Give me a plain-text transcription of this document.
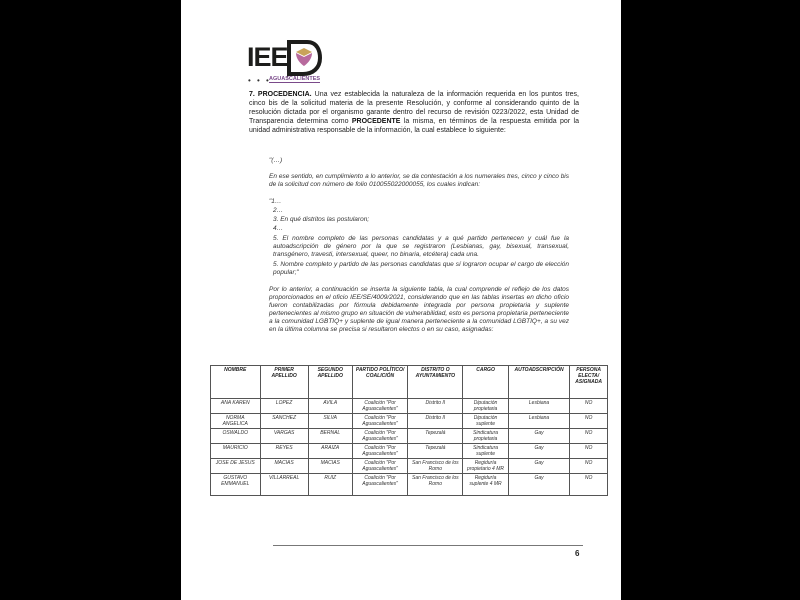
IEE
• • •
AGUASCALIENTES
7. PROCEDENCIA. Una vez establecida la naturaleza de la información requerida en los puntos tres, cinco bis de la solicitud materia de la presente Resolución, y conforme al considerando quinto de la resolución dictada por el organismo garante dentro del recurso de revisión 0223/2022, esta Unidad de Transparencia determina como PROCEDENTE la misma, en términos de la respuesta emitida por la unidad administrativa responsable de la información, la cual establece lo siguiente:
"(…)
En ese sentido, en cumplimiento a lo anterior, se da contestación a los numerales tres, cinco y cinco bis de la solicitud con número de folio 010055022000055, los cuales indican:
"1…
2…
3. En qué distritos las postularon;
4…
5. El nombre completo de las personas candidatas y a qué partido pertenecen y cuál fue la autoadscripción de género por la que se registraron (Lesbianas, gay, bisexual, transexual, transgénero, travesti, intersexual, queer, no binaria, etcétera) cada una.
5. Nombre completo y partido de las personas candidatas que sí lograron ocupar el cargo de elección popular;"
Por lo anterior, a continuación se inserta la siguiente tabla, la cual comprende el reflejo de los datos proporcionados en el oficio IEE/SE/4009/2021, considerando que en las tablas insertas en dicho oficio fueron contabilizadas por fórmula debidamente integrada por persona propietaria y suplente pertenecientes al mismo grupo en situación de vulnerabilidad, esto es persona propietaria perteneciente a la comunidad LGBTIQ+ y suplente de igual manera perteneciente a la comunidad LGBTIQ+, a su vez en la última columna se precisa si resultaron electos o en su caso, asignadas:
NOMBRE	PRIMER APELLIDO	SEGUNDO APELLIDO	PARTIDO POLÍTICO/ COALICIÓN	DISTRITO O AYUNTAMIENTO	CARGO	AUTOADSCRIPCIÓN	PERSONA ELECTA/ ASIGNADA
ANA KAREN	LOPEZ	AVILA	Coalición "Por Aguascalientes"	Distrito II	Diputación propietaria	Lesbiana	NO
NORMA ANGELICA	SANCHEZ	SILVA	Coalición "Por Aguascalientes"	Distrito II	Diputación suplente	Lesbiana	NO
OSWALDO	VARGAS	BERNAL	Coalición "Por Aguascalientes"	Tepezalá	Sindicatura propietaria	Gay	NO
MAURICIO	REYES	ARAIZA	Coalición "Por Aguascalientes"	Tepezalá	Sindicatura suplente	Gay	NO
JOSE DE JESUS	MACIAS	MACIAS	Coalición "Por Aguascalientes"	San Francisco de los Romo	Regiduría propietario 4 MR	Gay	NO
GUSTAVO EMMANUEL	VILLARREAL	RUIZ	Coalición "Por Aguascalientes"	San Francisco de los Romo	Regiduría suplente 4 MR	Gay	NO
6
